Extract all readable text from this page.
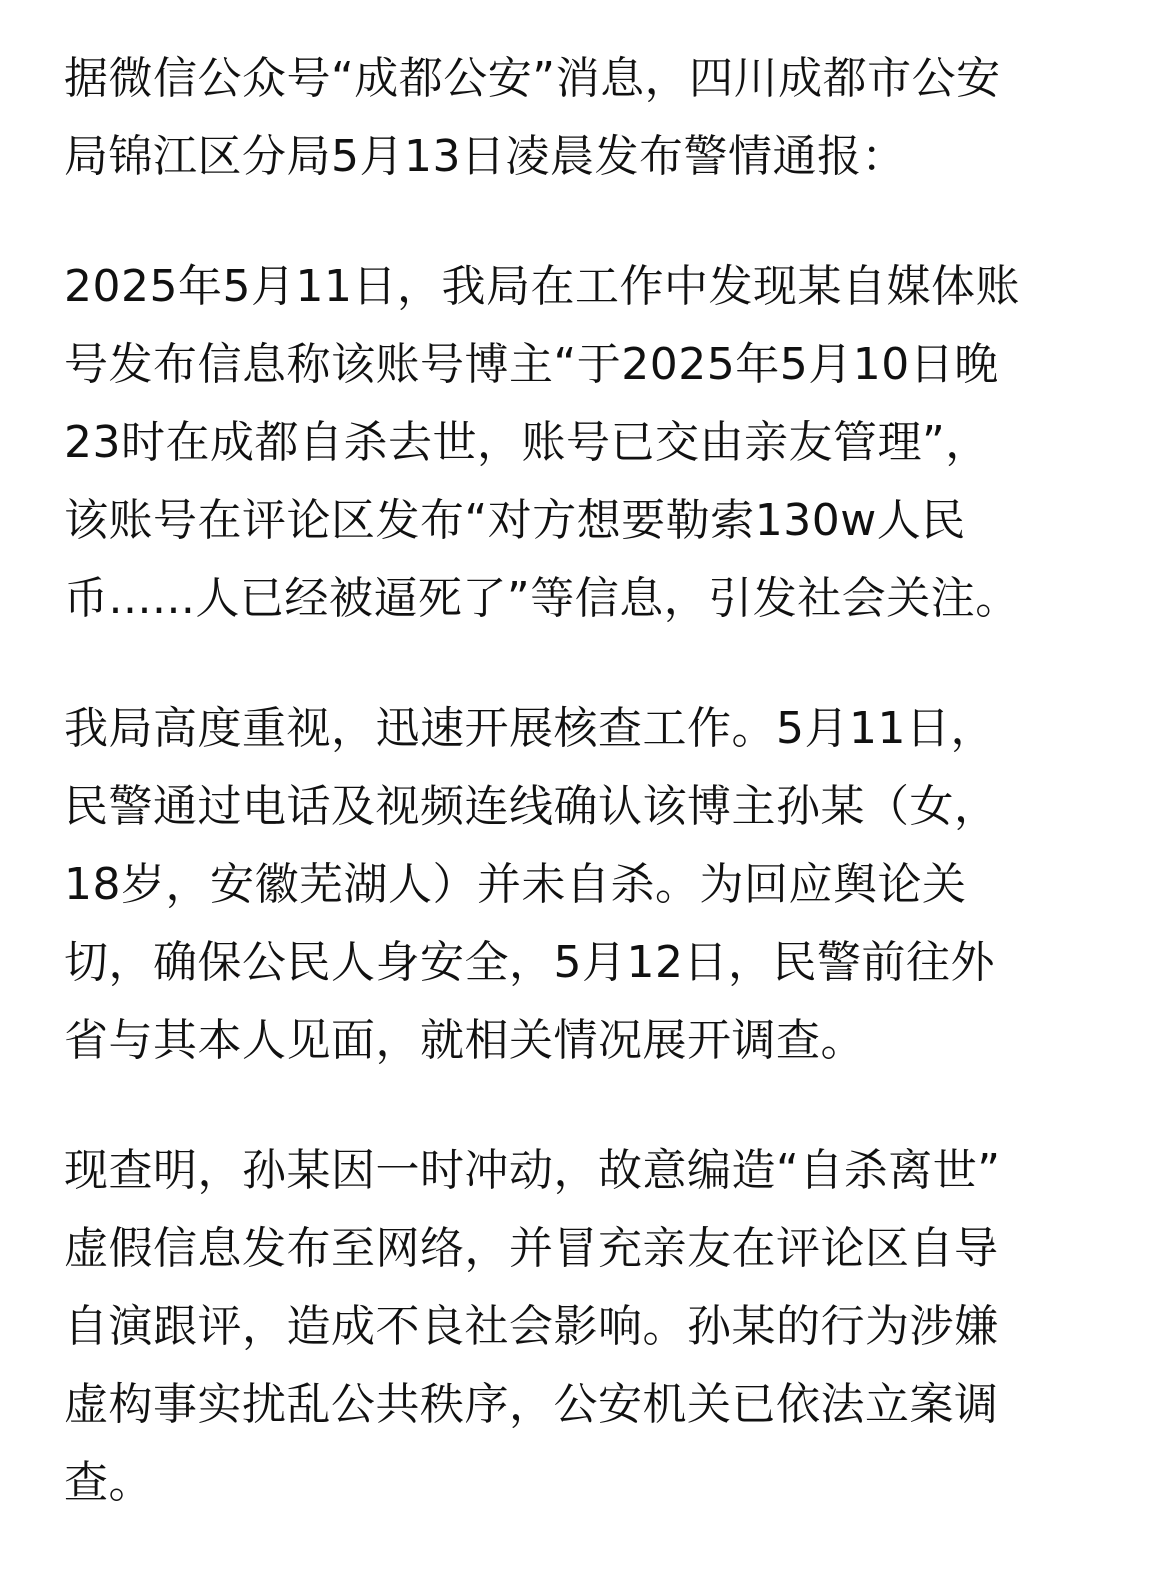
据微信公众号“成都公安”消息，四川成都市公安
局锦江区分局5月13日凌晨发布警情通报：

2025年5月11日，我局在工作中发现某自媒体账
号发布信息称该账号博主“于2025年5月10日晚
23时在成都自杀去世，账号已交由亲友管理”，
该账号在评论区发布“对方想要勒索130w人民
币......人已经被逼死了”等信息，引发社会关注。

我局高度重视，迅速开展核查工作。5月11日，
民警通过电话及视频连线确认该博主孙某（女，
18岁，安徽芜湖人）并未自杀。为回应舆论关
切，确保公民人身安全，5月12日，民警前往外
省与其本人见面，就相关情况展开调查。

现查明，孙某因一时冲动，故意编造“自杀离世”
虚假信息发布至网络，并冒充亲友在评论区自导
自演跟评，造成不良社会影响。孙某的行为涉嫌
虚构事实扰乱公共秩序，公安机关已依法立案调
查。
